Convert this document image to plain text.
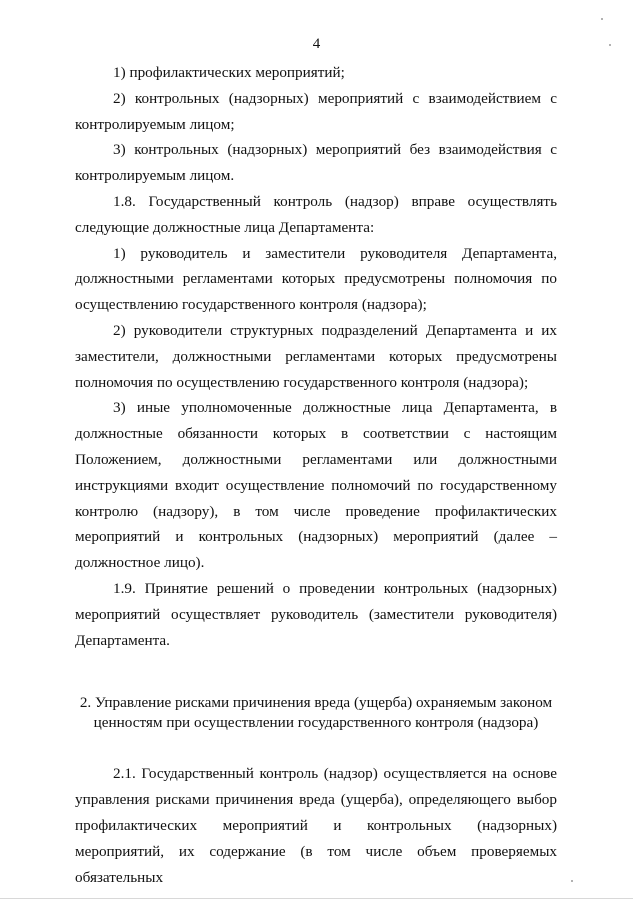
4

1) профилактических мероприятий;

2) контрольных (надзорных) мероприятий с взаимодействием с контролируемым лицом;

3) контрольных (надзорных) мероприятий без взаимодействия с контролируемым лицом.

1.8. Государственный контроль (надзор) вправе осуществлять следующие должностные лица Департамента:

1) руководитель и заместители руководителя Департамента, должностными регламентами которых предусмотрены полномочия по осуществлению государственного контроля (надзора);

2) руководители структурных подразделений Департамента и их заместители, должностными регламентами которых предусмотрены полномочия по осуществлению государственного контроля (надзора);

3) иные уполномоченные должностные лица Департамента, в должностные обязанности которых в соответствии с настоящим Положением, должностными регламентами или должностными инструкциями входит осуществление полномочий по государственному контролю (надзору), в том числе проведение профилактических мероприятий и контрольных (надзорных) мероприятий (далее – должностное лицо).

1.9. Принятие решений о проведении контрольных (надзорных) мероприятий осуществляет руководитель (заместители руководителя) Департамента.

2. Управление рисками причинения вреда (ущерба) охраняемым законом
ценностям при осуществлении государственного контроля (надзора)

2.1. Государственный контроль (надзор) осуществляется на основе управления рисками причинения вреда (ущерба), определяющего выбор профилактических мероприятий и контрольных (надзорных) мероприятий, их содержание (в том числе объем проверяемых обязательных
